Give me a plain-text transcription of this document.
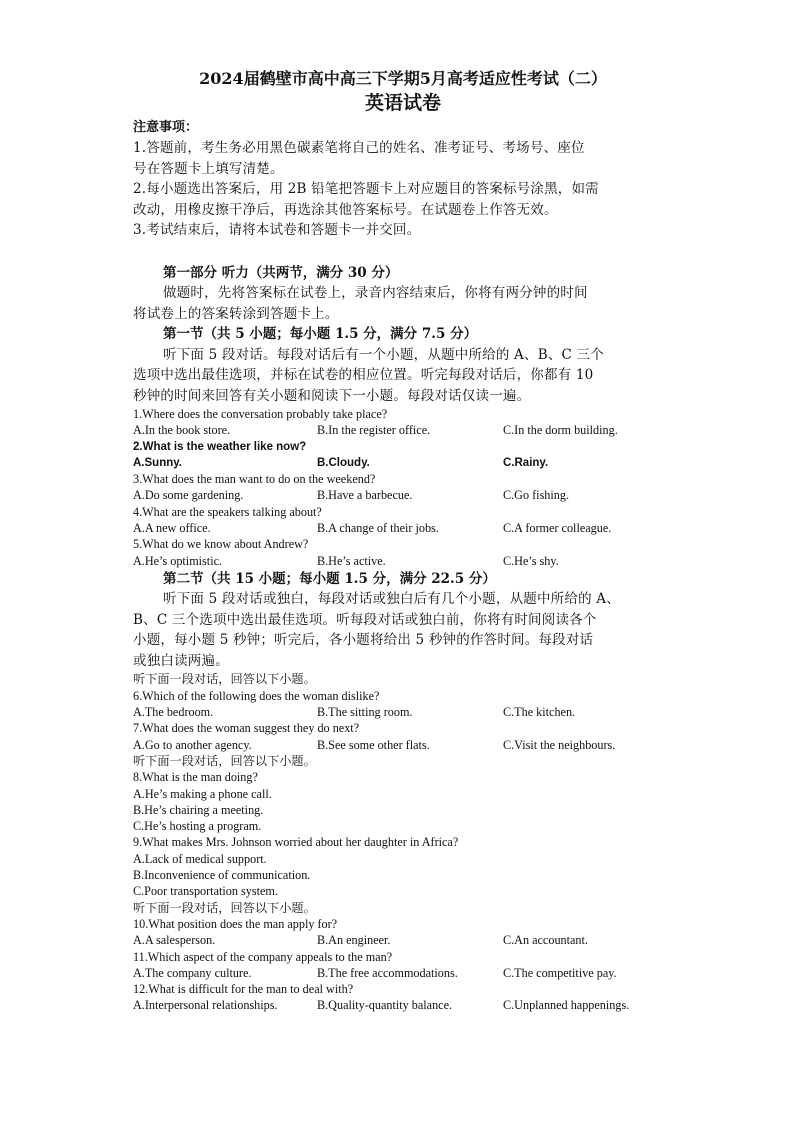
2024届鹤壁市高中高三下学期5月高考适应性考试（二）
英语试卷
注意事项：
1.答题前，考生务必用黑色碳素笔将自己的姓名、准考证号、考场号、座位
号在答题卡上填写清楚。
2.每小题选出答案后，用 2B 铅笔把答题卡上对应题目的答案标号涂黑，如需
改动，用橡皮擦干净后，再选涂其他答案标号。在试题卷上作答无效。
3.考试结束后，请将本试卷和答题卡一并交回。
第一部分 听力（共两节，满分 30 分）
做题时，先将答案标在试卷上，录音内容结束后，你将有两分钟的时间
将试卷上的答案转涂到答题卡上。
第一节（共 5 小题；每小题 1.5 分，满分 7.5 分）
听下面 5 段对话。每段对话后有一个小题，从题中所给的 A、B、C 三个
选项中选出最佳选项，并标在试卷的相应位置。听完每段对话后，你都有 10
秒钟的时间来回答有关小题和阅读下一小题。每段对话仅读一遍。
1.Where does the conversation probably take place?
A.In the book store.	B.In the register office.	C.In the dorm building.
2.What is the weather like now?
A.Sunny.	B.Cloudy.	C.Rainy.
3.What does the man want to do on the weekend?
A.Do some gardening.	B.Have a barbecue.	C.Go fishing.
4.What are the speakers talking about?
A.A new office.	B.A change of their jobs.	C.A former colleague.
5.What do we know about Andrew?
A.He’s optimistic.	B.He’s active.	C.He’s shy.
第二节（共 15 小题；每小题 1.5 分，满分 22.5 分）
听下面 5 段对话或独白，每段对话或独白后有几个小题，从题中所给的 A、
B、C 三个选项中选出最佳选项。听每段对话或独白前，你将有时间阅读各个
小题，每小题 5 秒钟；听完后，各小题将给出 5 秒钟的作答时间。每段对话
或独白读两遍。
听下面一段对话，回答以下小题。
6.Which of the following does the woman dislike?
A.The bedroom.	B.The sitting room.	C.The kitchen.
7.What does the woman suggest they do next?
A.Go to another agency.	B.See some other flats.	C.Visit the neighbours.
听下面一段对话，回答以下小题。
8.What is the man doing?
A.He’s making a phone call.
B.He’s chairing a meeting.
C.He’s hosting a program.
9.What makes Mrs. Johnson worried about her daughter in Africa?
A.Lack of medical support.
B.Inconvenience of communication.
C.Poor transportation system.
听下面一段对话，回答以下小题。
10.What position does the man apply for?
A.A salesperson.	B.An engineer.	C.An accountant.
11.Which aspect of the company appeals to the man?
A.The company culture.	B.The free accommodations.	C.The competitive pay.
12.What is difficult for the man to deal with?
A.Interpersonal relationships.	B.Quality-quantity balance.	C.Unplanned happenings.
